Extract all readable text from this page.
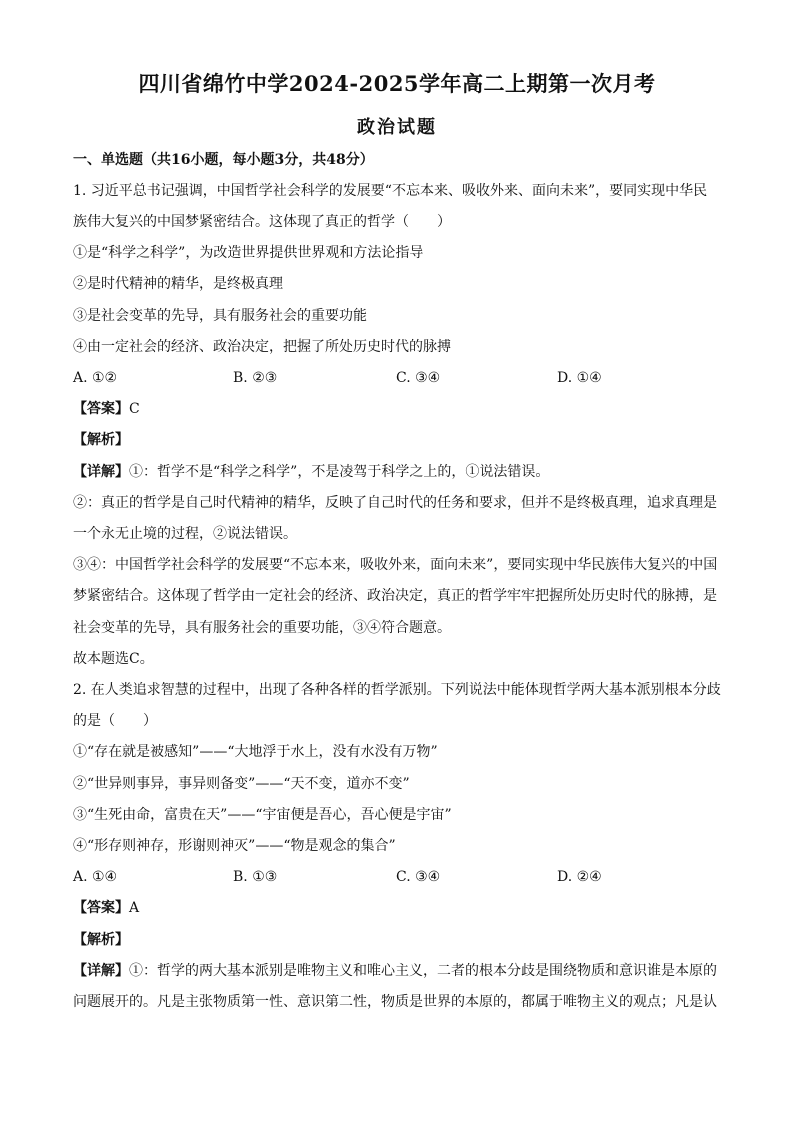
四川省绵竹中学2024-2025学年高二上期第一次月考
政治试题
一、单选题（共16小题，每小题3分，共48分）
1. 习近平总书记强调，中国哲学社会科学的发展要“不忘本来、吸收外来、面向未来”，要同实现中华民
族伟大复兴的中国梦紧密结合。这体现了真正的哲学（　　）
①是“科学之科学”，为改造世界提供世界观和方法论指导
②是时代精神的精华，是终极真理
③是社会变革的先导，具有服务社会的重要功能
④由一定社会的经济、政治决定，把握了所处历史时代的脉搏
A. ①②	B. ②③	C. ③④	D. ①④
【答案】C
【解析】
【详解】①：哲学不是“科学之科学”，不是凌驾于科学之上的，①说法错误。
②：真正的哲学是自己时代精神的精华，反映了自己时代的任务和要求，但并不是终极真理，追求真理是
一个永无止境的过程，②说法错误。
③④：中国哲学社会科学的发展要“不忘本来，吸收外来，面向未来”，要同实现中华民族伟大复兴的中国
梦紧密结合。这体现了哲学由一定社会的经济、政治决定，真正的哲学牢牢把握所处历史时代的脉搏，是
社会变革的先导，具有服务社会的重要功能，③④符合题意。
故本题选C。
2. 在人类追求智慧的过程中，出现了各种各样的哲学派别。下列说法中能体现哲学两大基本派别根本分歧
的是（　　）
①“存在就是被感知”——“大地浮于水上，没有水没有万物”
②“世异则事异，事异则备变”——“天不变，道亦不变”
③“生死由命，富贵在天”——“宇宙便是吾心，吾心便是宇宙”
④“形存则神存，形谢则神灭”——“物是观念的集合”
A. ①④	B. ①③	C. ③④	D. ②④
【答案】A
【解析】
【详解】①：哲学的两大基本派别是唯物主义和唯心主义，二者的根本分歧是围绕物质和意识谁是本原的
问题展开的。凡是主张物质第一性、意识第二性，物质是世界的本原的，都属于唯物主义的观点；凡是认
